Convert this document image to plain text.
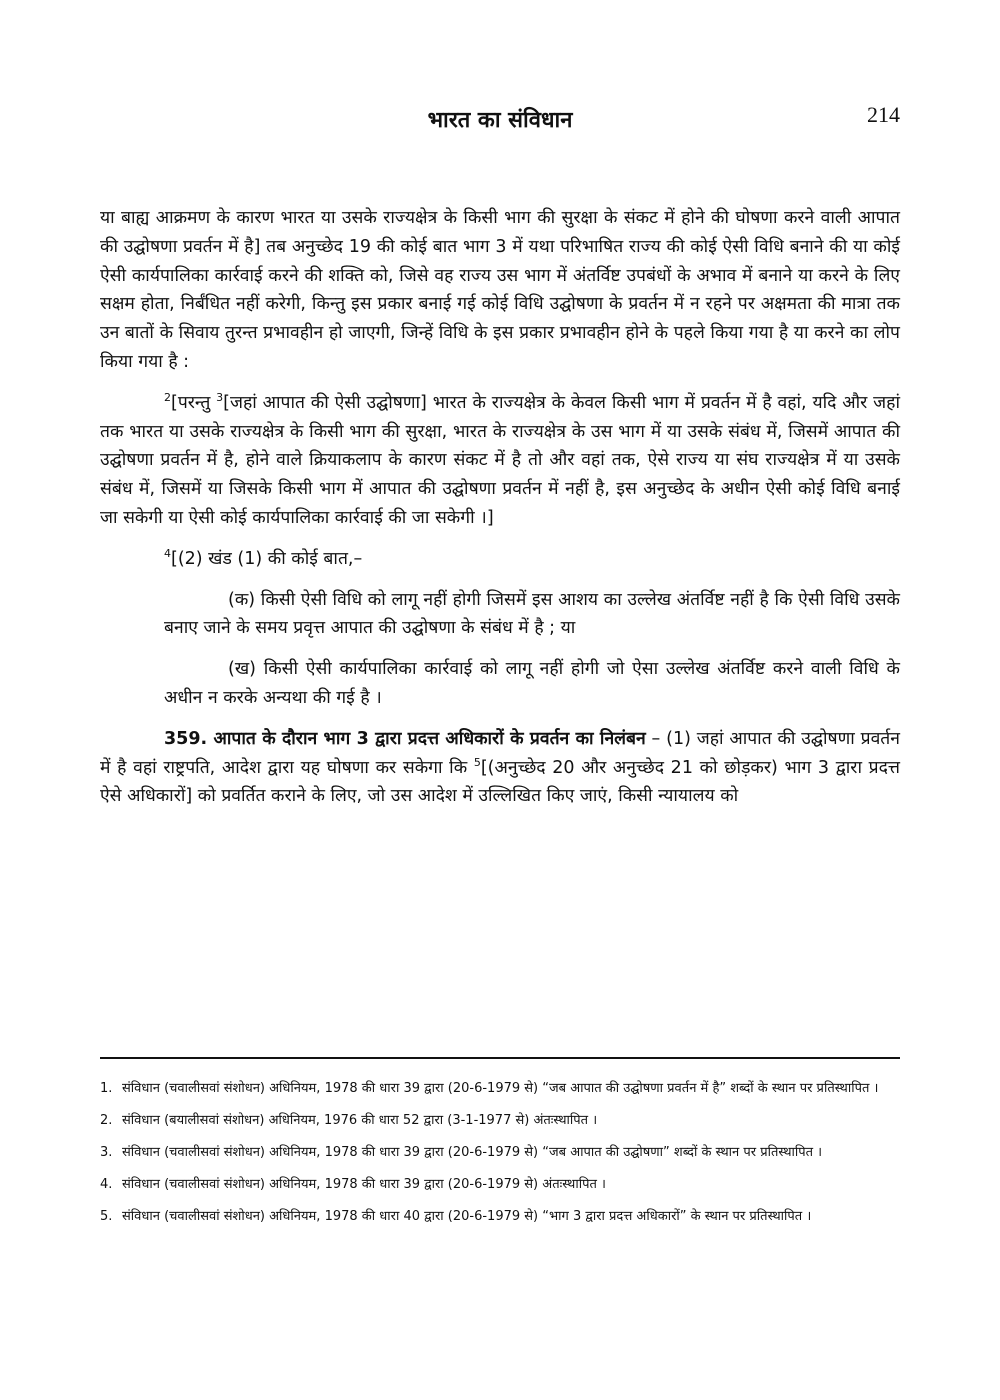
भारत का संविधान	214

या बाह्य आक्रमण के कारण भारत या उसके राज्यक्षेत्र के किसी भाग की सुरक्षा के संकट में होने की घोषणा करने वाली आपात की उद्घोषणा प्रवर्तन में है] तब अनुच्छेद 19 की कोई बात भाग 3 में यथा परिभाषित राज्य की कोई ऐसी विधि बनाने की या कोई ऐसी कार्यपालिका कार्रवाई करने की शक्ति को, जिसे वह राज्य उस भाग में अंतर्विष्ट उपबंधों के अभाव में बनाने या करने के लिए सक्षम होता, निर्बंधित नहीं करेगी, किन्तु इस प्रकार बनाई गई कोई विधि उद्घोषणा के प्रवर्तन में न रहने पर अक्षमता की मात्रा तक उन बातों के सिवाय तुरन्त प्रभावहीन हो जाएगी, जिन्हें विधि के इस प्रकार प्रभावहीन होने के पहले किया गया है या करने का लोप किया गया है :

$^2$[परन्तु $^3$[जहां आपात की ऐसी उद्घोषणा] भारत के राज्यक्षेत्र के केवल किसी भाग में प्रवर्तन में है वहां, यदि और जहां तक भारत या उसके राज्यक्षेत्र के किसी भाग की सुरक्षा, भारत के राज्यक्षेत्र के उस भाग में या उसके संबंध में, जिसमें आपात की उद्घोषणा प्रवर्तन में है, होने वाले क्रियाकलाप के कारण संकट में है तो और वहां तक, ऐसे राज्य या संघ राज्यक्षेत्र में या उसके संबंध में, जिसमें या जिसके किसी भाग में आपात की उद्घोषणा प्रवर्तन में नहीं है, इस अनुच्छेद के अधीन ऐसी कोई विधि बनाई जा सकेगी या ऐसी कोई कार्यपालिका कार्रवाई की जा सकेगी ।]

$^4$[(2) खंड (1) की कोई बात,–

(क) किसी ऐसी विधि को लागू नहीं होगी जिसमें इस आशय का उल्लेख अंतर्विष्ट नहीं है कि ऐसी विधि उसके बनाए जाने के समय प्रवृत्त आपात की उद्घोषणा के संबंध में है ; या

(ख) किसी ऐसी कार्यपालिका कार्रवाई को लागू नहीं होगी जो ऐसा उल्लेख अंतर्विष्ट करने वाली विधि के अधीन न करके अन्यथा की गई है ।

359. आपात के दौरान भाग 3 द्वारा प्रदत्त अधिकारों के प्रवर्तन का निलंबन – (1) जहां आपात की उद्घोषणा प्रवर्तन में है वहां राष्ट्रपति, आदेश द्वारा यह घोषणा कर सकेगा कि $^5$[(अनुच्छेद 20 और अनुच्छेद 21 को छोड़कर) भाग 3 द्वारा प्रदत्त ऐसे अधिकारों] को प्रवर्तित कराने के लिए, जो उस आदेश में उल्लिखित किए जाएं, किसी न्यायालय को

1. संविधान (चवालीसवां संशोधन) अधिनियम, 1978 की धारा 39 द्वारा (20-6-1979 से) “जब आपात की उद्घोषणा प्रवर्तन में है” शब्दों के स्थान पर प्रतिस्थापित ।
2. संविधान (बयालीसवां संशोधन) अधिनियम, 1976 की धारा 52 द्वारा (3-1-1977 से) अंतःस्थापित ।
3. संविधान (चवालीसवां संशोधन) अधिनियम, 1978 की धारा 39 द्वारा (20-6-1979 से) “जब आपात की उद्घोषणा” शब्दों के स्थान पर प्रतिस्थापित ।
4. संविधान (चवालीसवां संशोधन) अधिनियम, 1978 की धारा 39 द्वारा (20-6-1979 से) अंतःस्थापित ।
5. संविधान (चवालीसवां संशोधन) अधिनियम, 1978 की धारा 40 द्वारा (20-6-1979 से) “भाग 3 द्वारा प्रदत्त अधिकारों” के स्थान पर प्रतिस्थापित ।
